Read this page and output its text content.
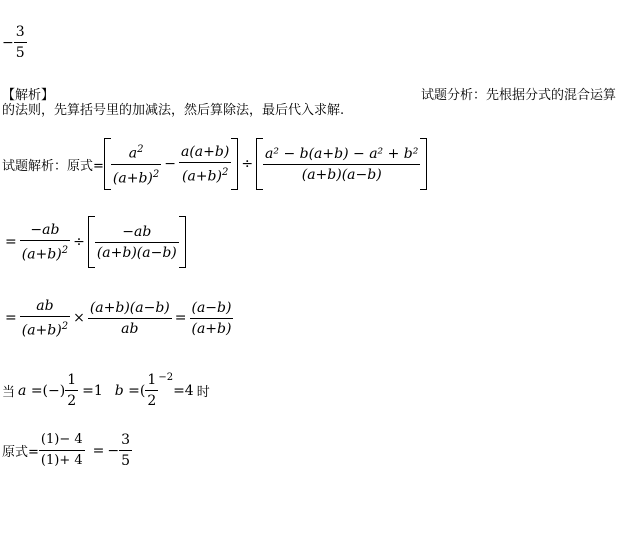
− $\frac{3}{5}$
【解析】	试题分析：先根据分式的混合运算
的法则，先算括号里的加减法，然后算除法，最后代入求解.
试题解析：原式= $\frac{a^2}{(a+b)^2} - \frac{a(a+b)}{(a+b)^2} \div \frac{\text{a² − b(a+b) − a² + b²}}{(a+b)(a-b)}$
= $\frac{-ab}{(a+b)^2} \div \frac{-ab}{(a+b)(a-b)}$
= $\frac{ab}{(a+b)^2} \times \frac{(a+b)(a-b)}{ab} = \frac{(a-b)}{(a+b)}$
当 a = (−) $\frac{1}{2} =1$ b = ( $\frac{1}{2}^{-2}$
=4 时
原式= $\frac{(1)- 4}{(1)+ 4}$ = − $\frac{3}{5}$
